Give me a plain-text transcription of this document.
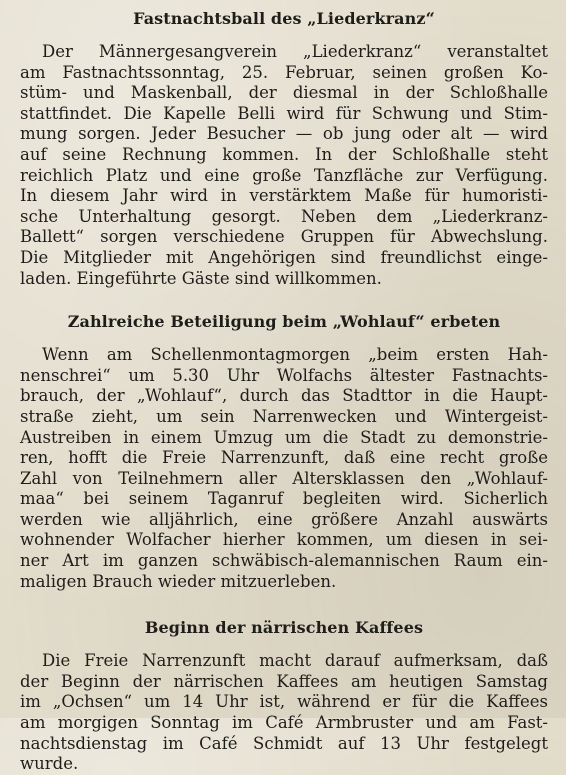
Fastnachtsball des „Liederkranz“
Der Männergesangverein „Liederkranz“ veranstaltet
am Fastnachtssonntag, 25. Februar, seinen großen Ko-
stüm- und Maskenball, der diesmal in der Schloßhalle
stattfindet. Die Kapelle Belli wird für Schwung und Stim-
mung sorgen. Jeder Besucher — ob jung oder alt — wird
auf seine Rechnung kommen. In der Schloßhalle steht
reichlich Platz und eine große Tanzfläche zur Verfügung.
In diesem Jahr wird in verstärktem Maße für humoristi-
sche Unterhaltung gesorgt. Neben dem „Liederkranz-
Ballett“ sorgen verschiedene Gruppen für Abwechslung.
Die Mitglieder mit Angehörigen sind freundlichst einge-
laden. Eingeführte Gäste sind willkommen.
Zahlreiche Beteiligung beim „Wohlauf“ erbeten
Wenn am Schellenmontagmorgen „beim ersten Hah-
nenschrei“ um 5.30 Uhr Wolfachs ältester Fastnachts-
brauch, der „Wohlauf“, durch das Stadttor in die Haupt-
straße zieht, um sein Narrenwecken und Wintergeist-
Austreiben in einem Umzug um die Stadt zu demonstrie-
ren, hofft die Freie Narrenzunft, daß eine recht große
Zahl von Teilnehmern aller Altersklassen den „Wohlauf-
maa“ bei seinem Taganruf begleiten wird. Sicherlich
werden wie alljährlich, eine größere Anzahl auswärts
wohnender Wolfacher hierher kommen, um diesen in sei-
ner Art im ganzen schwäbisch-alemannischen Raum ein-
maligen Brauch wieder mitzuerleben.
Beginn der närrischen Kaffees
Die Freie Narrenzunft macht darauf aufmerksam, daß
der Beginn der närrischen Kaffees am heutigen Samstag
im „Ochsen“ um 14 Uhr ist, während er für die Kaffees
am morgigen Sonntag im Café Armbruster und am Fast-
nachtsdienstag im Café Schmidt auf 13 Uhr festgelegt
wurde.
